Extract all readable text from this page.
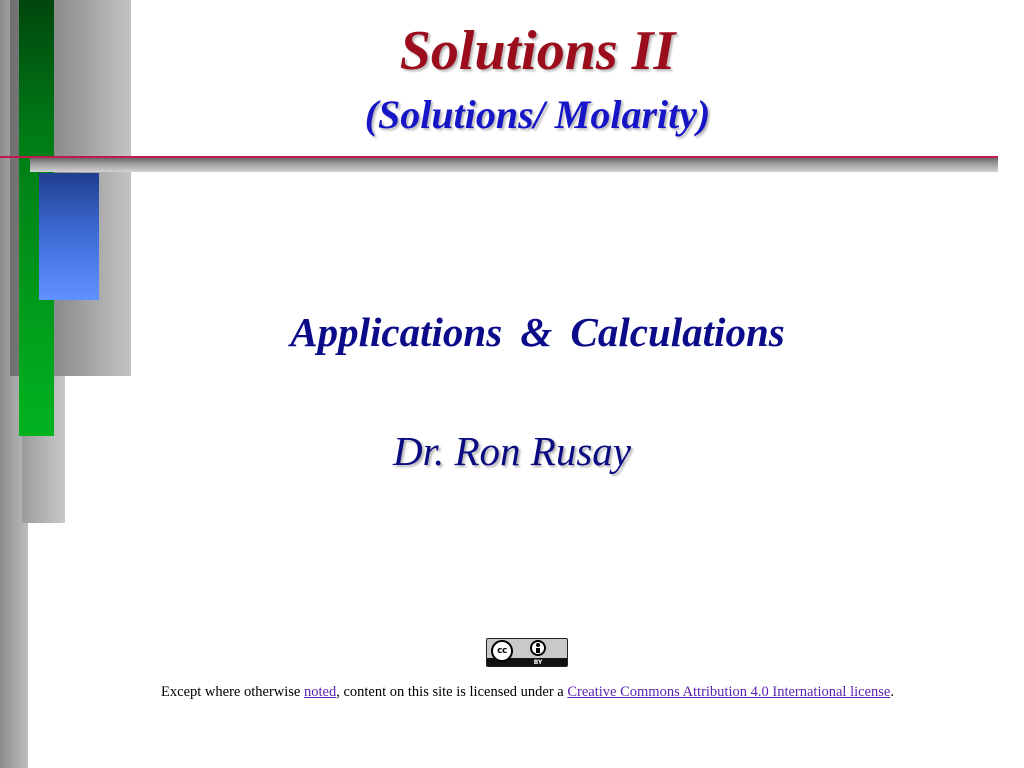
Solutions II
(Solutions/ Molarity)
Applications & Calculations
Dr. Ron Rusay
cc
BY
Except where otherwise noted, content on this site is licensed under a Creative Commons Attribution 4.0 International license.
